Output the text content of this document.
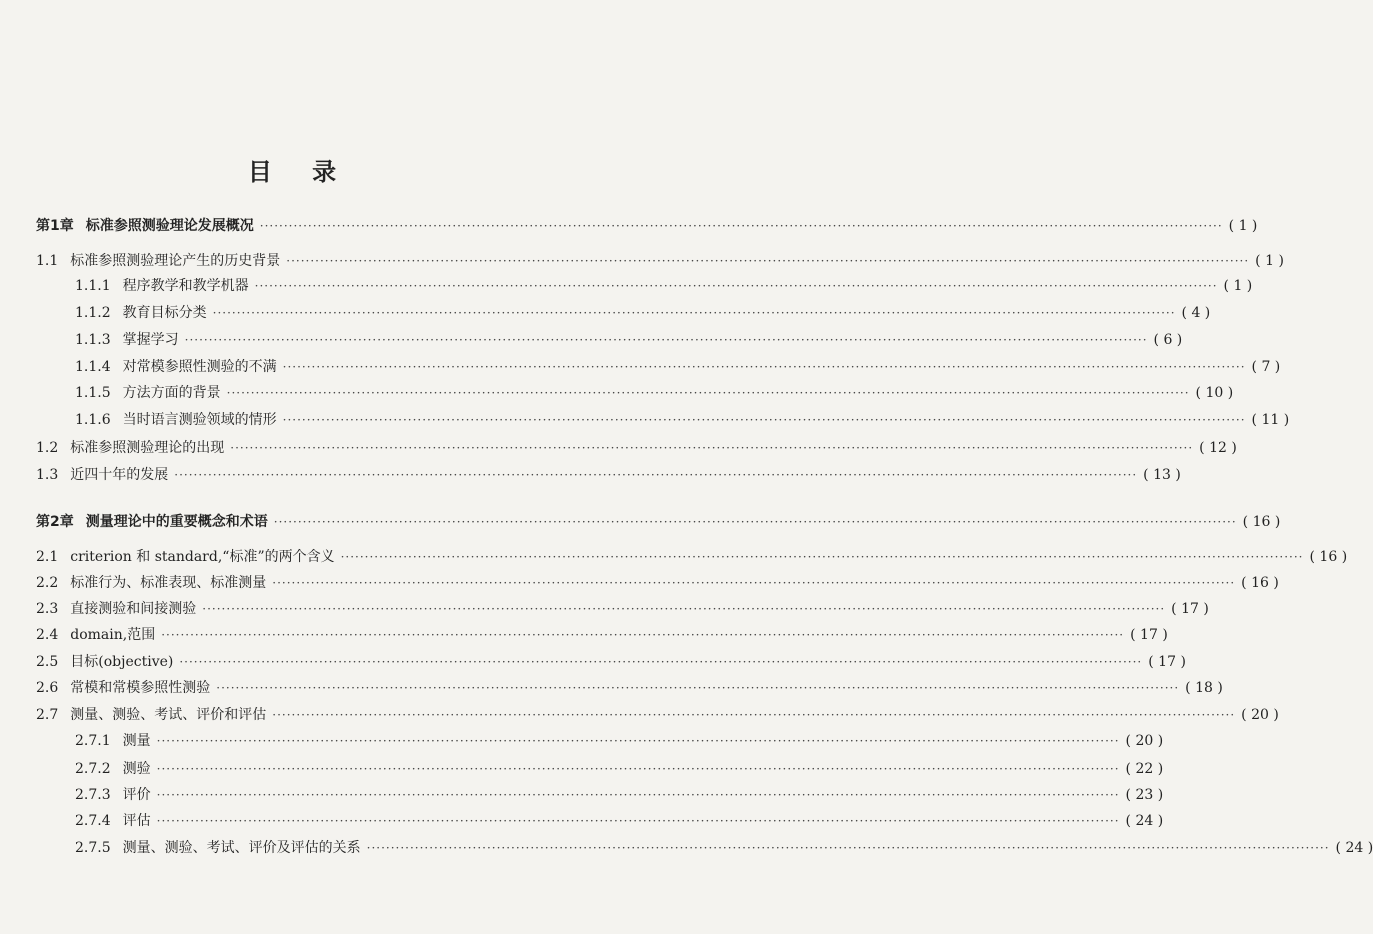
目 录
第1章 标准参照测验理论发展概况 ········································································································································································································ ( 1 )
1.1 标准参照测验理论产生的历史背景 ········································································································································································································ ( 1 )
1.1.1 程序教学和教学机器 ········································································································································································································ ( 1 )
1.1.2 教育目标分类 ········································································································································································································ ( 4 )
1.1.3 掌握学习 ········································································································································································································ ( 6 )
1.1.4 对常模参照性测验的不满 ········································································································································································································ ( 7 )
1.1.5 方法方面的背景 ········································································································································································································ ( 10 )
1.1.6 当时语言测验领域的情形 ········································································································································································································ ( 11 )
1.2 标准参照测验理论的出现 ········································································································································································································ ( 12 )
1.3 近四十年的发展 ········································································································································································································ ( 13 )
第2章 测量理论中的重要概念和术语 ········································································································································································································ ( 16 )
2.1 criterion 和 standard,“标准”的两个含义 ········································································································································································································ ( 16 )
2.2 标准行为、标准表现、标准测量 ········································································································································································································ ( 16 )
2.3 直接测验和间接测验 ········································································································································································································ ( 17 )
2.4 domain,范围 ········································································································································································································ ( 17 )
2.5 目标(objective) ········································································································································································································ ( 17 )
2.6 常模和常模参照性测验 ········································································································································································································ ( 18 )
2.7 测量、测验、考试、评价和评估 ········································································································································································································ ( 20 )
2.7.1 测量 ········································································································································································································ ( 20 )
2.7.2 测验 ········································································································································································································ ( 22 )
2.7.3 评价 ········································································································································································································ ( 23 )
2.7.4 评估 ········································································································································································································ ( 24 )
2.7.5 测量、测验、考试、评价及评估的关系 ········································································································································································································ ( 24 )
